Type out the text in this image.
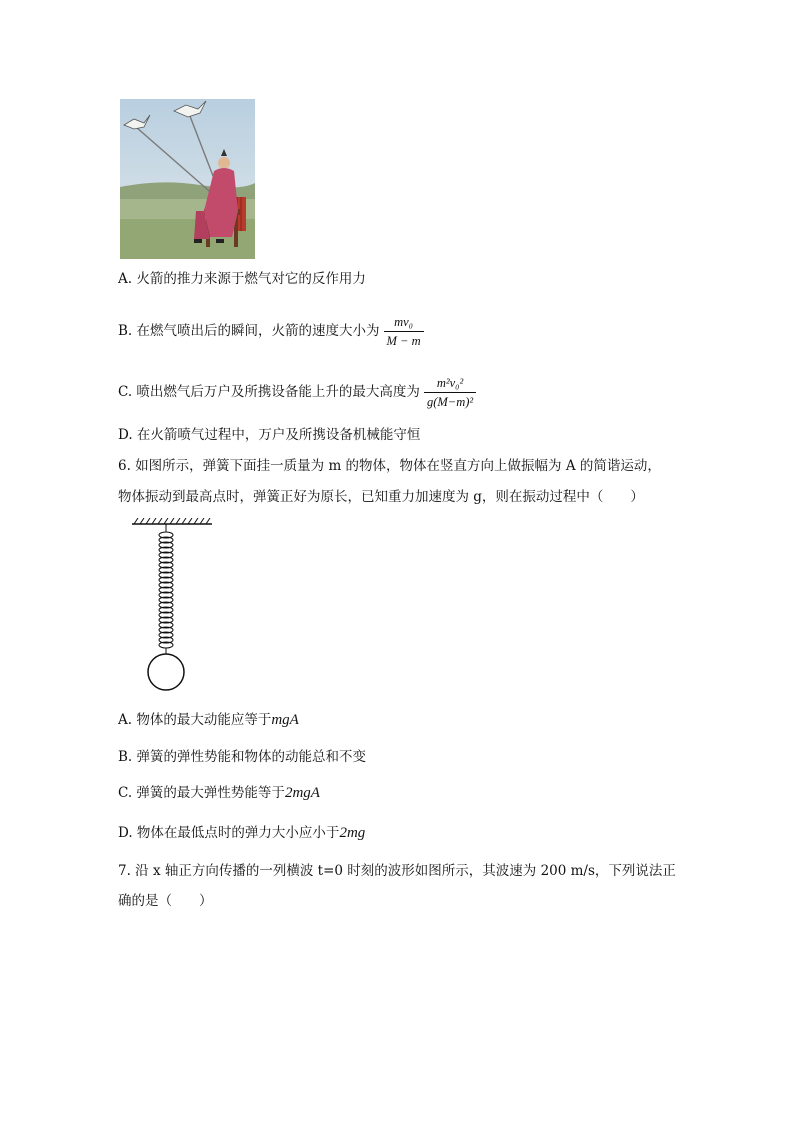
A. 火箭的推力来源于燃气对它的反作用力
B. 在燃气喷出后的瞬间，火箭的速度大小为 $\frac{\text{mv₀}}{M - m}$
C. 喷出燃气后万户及所携设备能上升的最大高度为 $\frac{\text{m²v₀²}}{\text{g(M−m)²}}$
D. 在火箭喷气过程中，万户及所携设备机械能守恒
6. 如图所示，弹簧下面挂一质量为 m 的物体，物体在竖直方向上做振幅为 A 的简谐运动，
物体振动到最高点时，弹簧正好为原长，已知重力加速度为 g，则在振动过程中（　　）
A. 物体的最大动能应等于mgA
B. 弹簧的弹性势能和物体的动能总和不变
C. 弹簧的最大弹性势能等于2mgA
D. 物体在最低点时的弹力大小应小于2mg
7. 沿 x 轴正方向传播的一列横波 t=0 时刻的波形如图所示，其波速为 200 m/s，下列说法正
确的是（　　）
